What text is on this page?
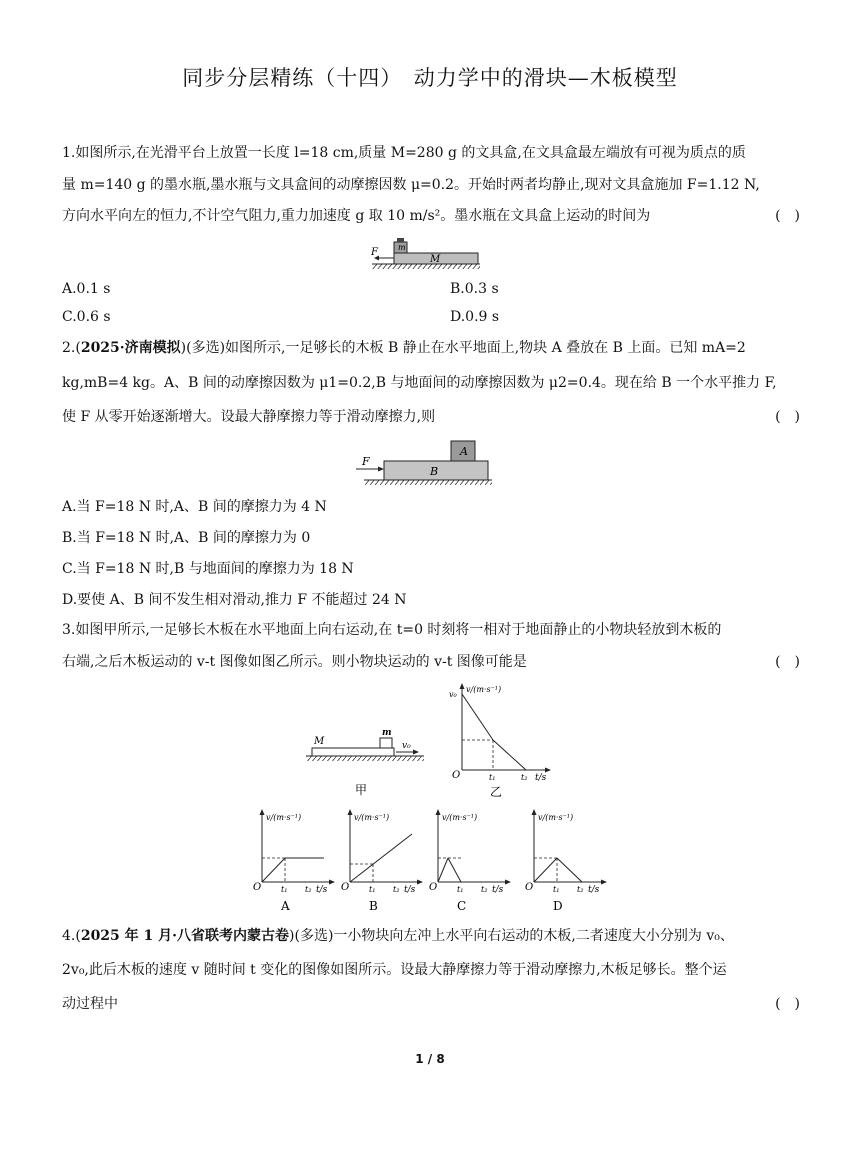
同步分层精练（十四）　动力学中的滑块—木板模型
1.如图所示,在光滑平台上放置一长度 l=18 cm,质量 M=280 g 的文具盒,在文具盒最左端放有可视为质点的质
量 m=140 g 的墨水瓶,墨水瓶与文具盒间的动摩擦因数 μ=0.2。开始时两者均静止,现对文具盒施加 F=1.12 N,
方向水平向左的恒力,不计空气阻力,重力加速度 g 取 10 m/s²。墨水瓶在文具盒上运动的时间为	(　)
F	m
M
A.0.1 s	B.0.3 s
C.0.6 s	D.0.9 s
2.(2025·济南模拟)(多选)如图所示,一足够长的木板 B 静止在水平地面上,物块 A 叠放在 B 上面。已知 mA=2
kg,mB=4 kg。A、B 间的动摩擦因数为 μ1=0.2,B 与地面间的动摩擦因数为 μ2=0.4。现在给 B 一个水平推力 F,
使 F 从零开始逐渐增大。设最大静摩擦力等于滑动摩擦力,则	(　)
F
A
B
A.当 F=18 N 时,A、B 间的摩擦力为 4 N
B.当 F=18 N 时,A、B 间的摩擦力为 0
C.当 F=18 N 时,B 与地面间的摩擦力为 18 N
D.要使 A、B 间不发生相对滑动,推力 F 不能超过 24 N
3.如图甲所示,一足够长木板在水平地面上向右运动,在 t=0 时刻将一相对于地面静止的小物块轻放到木板的
右端,之后木板运动的 v-t 图像如图乙所示。则小物块运动的 v-t 图像可能是	(　)
M
m
v₀
甲
v/(m·s⁻¹)
v₀
O	t₁	t₂ t/s
乙
v/(m·s⁻¹)
O t₁ t₂ t/s
A
v/(m·s⁻¹)
O t₁ t₂ t/s
B
v/(m·s⁻¹)
O t₁ t₂ t/s
C
v/(m·s⁻¹)
O t₁ t₂ t/s
D
4.(2025 年 1 月·八省联考内蒙古卷)(多选)一小物块向左冲上水平向右运动的木板,二者速度大小分别为 v₀、
2v₀,此后木板的速度 v 随时间 t 变化的图像如图所示。设最大静摩擦力等于滑动摩擦力,木板足够长。整个运
动过程中	(　)
1 / 8
